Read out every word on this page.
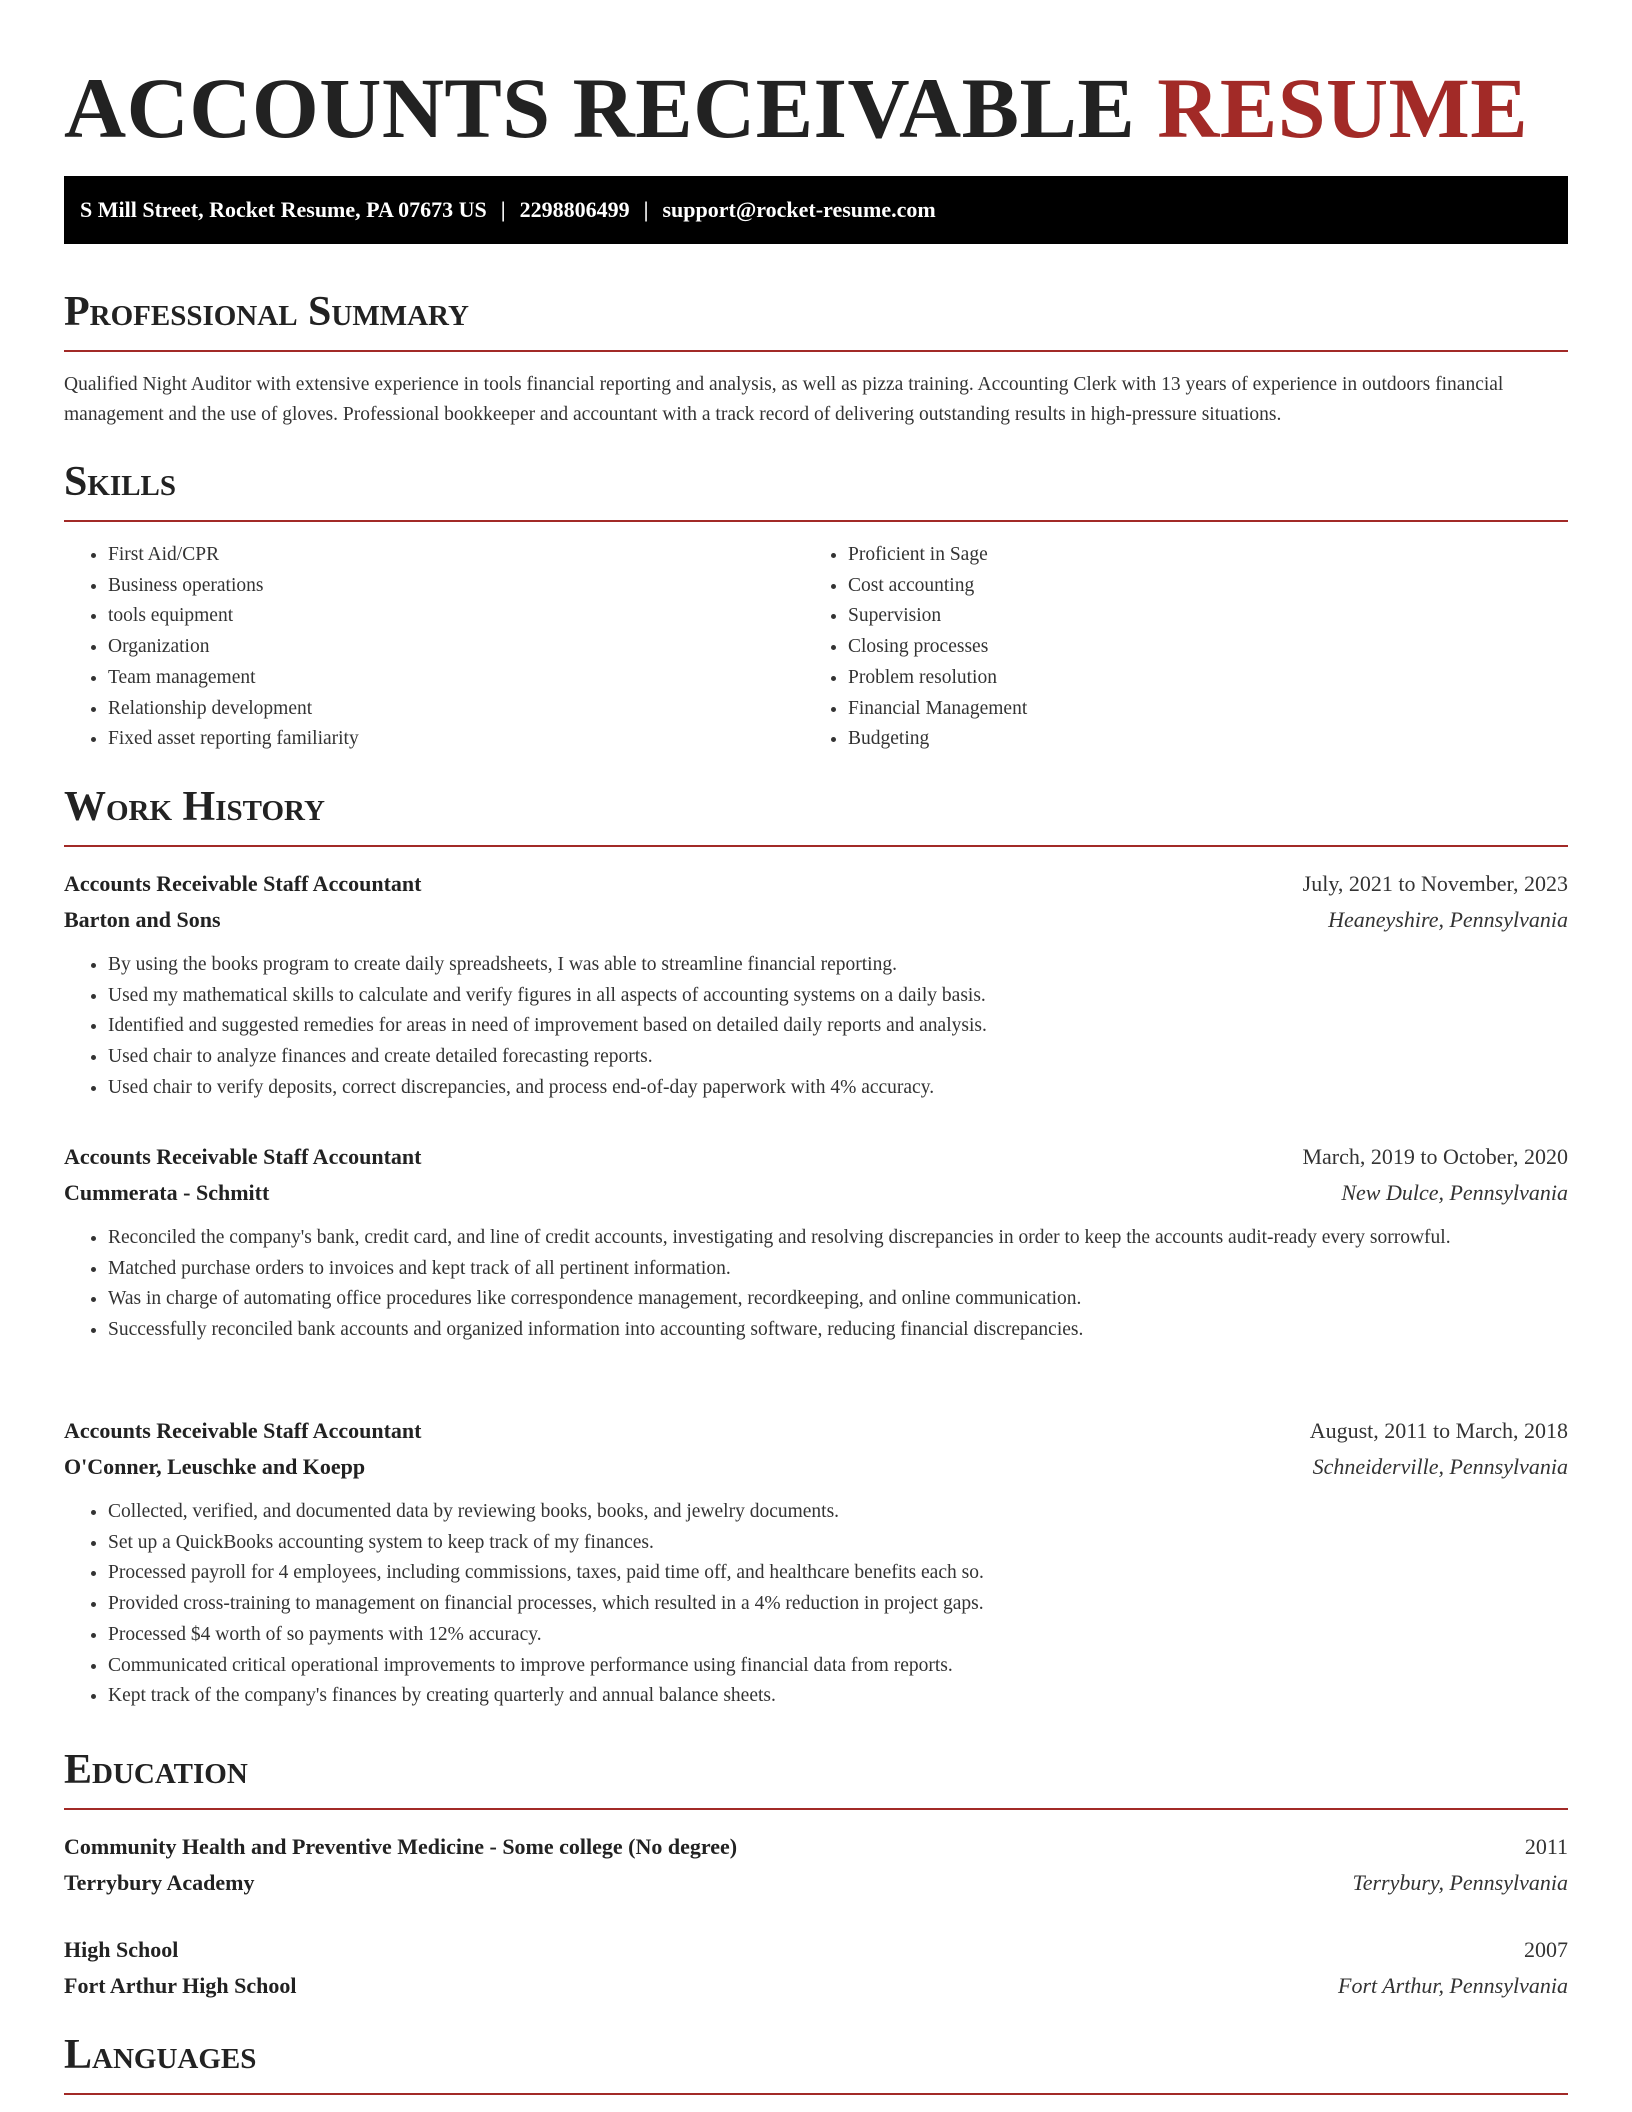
ACCOUNTS RECEIVABLE RESUME
S Mill Street, Rocket Resume, PA 07673 US | 2298806499 | support@rocket-resume.com
Professional Summary
Qualified Night Auditor with extensive experience in tools financial reporting and analysis, as well as pizza training. Accounting Clerk with 13 years of experience in outdoors financial management and the use of gloves. Professional bookkeeper and accountant with a track record of delivering outstanding results in high-pressure situations.
Skills
• First Aid/CPR
• Business operations
• tools equipment
• Organization
• Team management
• Relationship development
• Fixed asset reporting familiarity
• Proficient in Sage
• Cost accounting
• Supervision
• Closing processes
• Problem resolution
• Financial Management
• Budgeting
Work History
Accounts Receivable Staff Accountant	July, 2021 to November, 2023
Barton and Sons	Heaneyshire, Pennsylvania
• By using the books program to create daily spreadsheets, I was able to streamline financial reporting.
• Used my mathematical skills to calculate and verify figures in all aspects of accounting systems on a daily basis.
• Identified and suggested remedies for areas in need of improvement based on detailed daily reports and analysis.
• Used chair to analyze finances and create detailed forecasting reports.
• Used chair to verify deposits, correct discrepancies, and process end-of-day paperwork with 4% accuracy.
Accounts Receivable Staff Accountant	March, 2019 to October, 2020
Cummerata - Schmitt	New Dulce, Pennsylvania
• Reconciled the company's bank, credit card, and line of credit accounts, investigating and resolving discrepancies in order to keep the accounts audit-ready every sorrowful.
• Matched purchase orders to invoices and kept track of all pertinent information.
• Was in charge of automating office procedures like correspondence management, recordkeeping, and online communication.
• Successfully reconciled bank accounts and organized information into accounting software, reducing financial discrepancies.
Accounts Receivable Staff Accountant	August, 2011 to March, 2018
O'Conner, Leuschke and Koepp	Schneiderville, Pennsylvania
• Collected, verified, and documented data by reviewing books, books, and jewelry documents.
• Set up a QuickBooks accounting system to keep track of my finances.
• Processed payroll for 4 employees, including commissions, taxes, paid time off, and healthcare benefits each so.
• Provided cross-training to management on financial processes, which resulted in a 4% reduction in project gaps.
• Processed $4 worth of so payments with 12% accuracy.
• Communicated critical operational improvements to improve performance using financial data from reports.
• Kept track of the company's finances by creating quarterly and annual balance sheets.
Education
Community Health and Preventive Medicine - Some college (No degree)	2011
Terrybury Academy	Terrybury, Pennsylvania
High School	2007
Fort Arthur High School	Fort Arthur, Pennsylvania
Languages
